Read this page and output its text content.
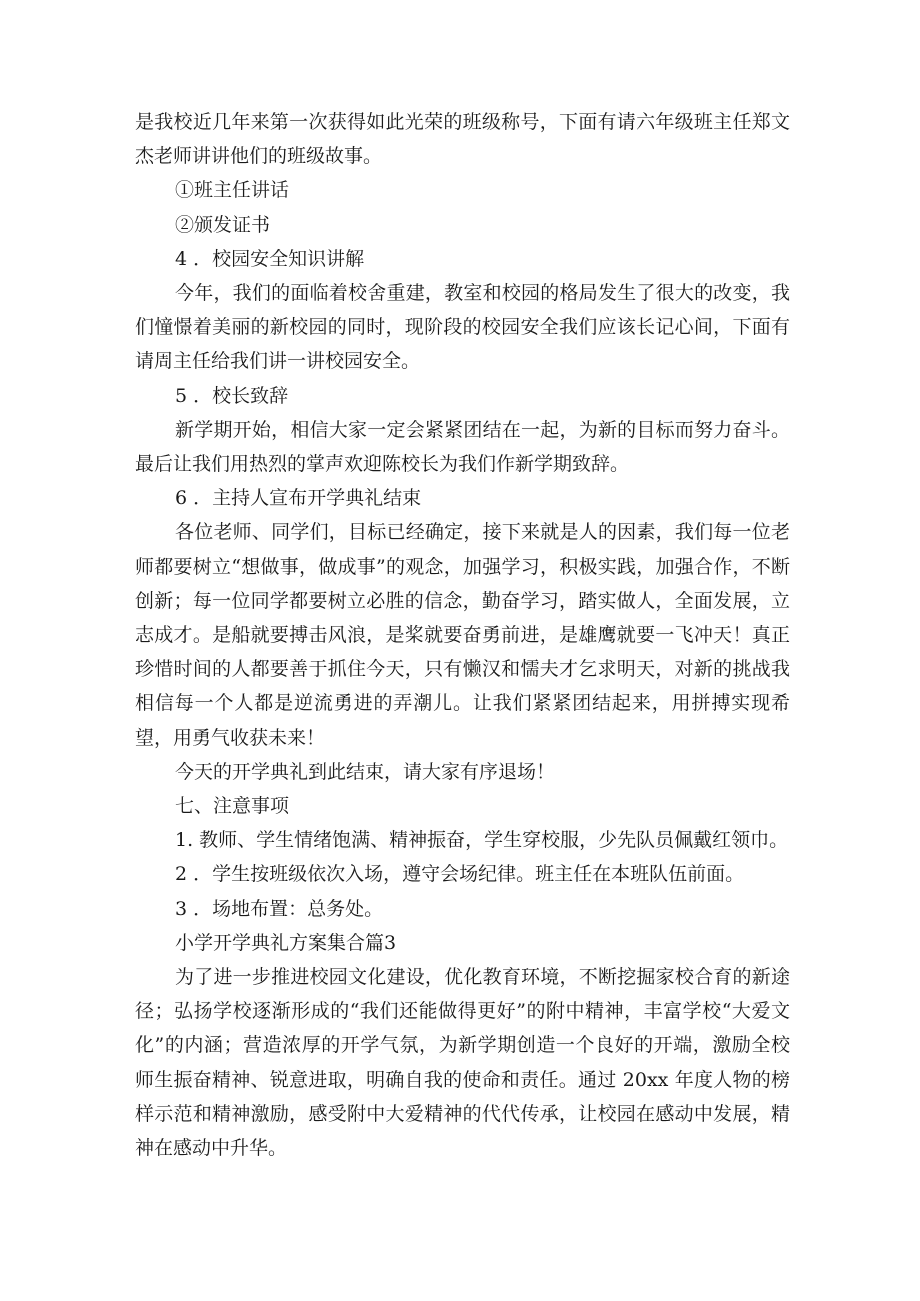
是我校近几年来第一次获得如此光荣的班级称号，下面有请六年级班主任郑文杰老师讲讲他们的班级故事。

①班主任讲话

②颁发证书

4 ．校园安全知识讲解

今年，我们的面临着校舍重建，教室和校园的格局发生了很大的改变，我们憧憬着美丽的新校园的同时，现阶段的校园安全我们应该长记心间，下面有请周主任给我们讲一讲校园安全。

5 ．校长致辞

新学期开始，相信大家一定会紧紧团结在一起，为新的目标而努力奋斗。最后让我们用热烈的掌声欢迎陈校长为我们作新学期致辞。

6 ．主持人宣布开学典礼结束

各位老师、同学们，目标已经确定，接下来就是人的因素，我们每一位老师都要树立“想做事，做成事”的观念，加强学习，积极实践，加强合作，不断创新；每一位同学都要树立必胜的信念，勤奋学习，踏实做人，全面发展，立志成才。是船就要搏击风浪，是桨就要奋勇前进，是雄鹰就要一飞冲天！真正珍惜时间的人都要善于抓住今天，只有懒汉和懦夫才乞求明天，对新的挑战我相信每一个人都是逆流勇进的弄潮儿。让我们紧紧团结起来，用拼搏实现希望，用勇气收获未来！

今天的开学典礼到此结束，请大家有序退场！

七、注意事项

1. 教师、学生情绪饱满、精神振奋，学生穿校服，少先队员佩戴红领巾。

2 ．学生按班级依次入场，遵守会场纪律。班主任在本班队伍前面。

3 ．场地布置：总务处。

小学开学典礼方案集合篇3

为了进一步推进校园文化建设，优化教育环境，不断挖掘家校合育的新途径；弘扬学校逐渐形成的“我们还能做得更好”的附中精神，丰富学校“大爱文化”的内涵；营造浓厚的开学气氛，为新学期创造一个良好的开端，激励全校师生振奋精神、锐意进取，明确自我的使命和责任。通过 20xx 年度人物的榜样示范和精神激励，感受附中大爱精神的代代传承，让校园在感动中发展，精神在感动中升华。
